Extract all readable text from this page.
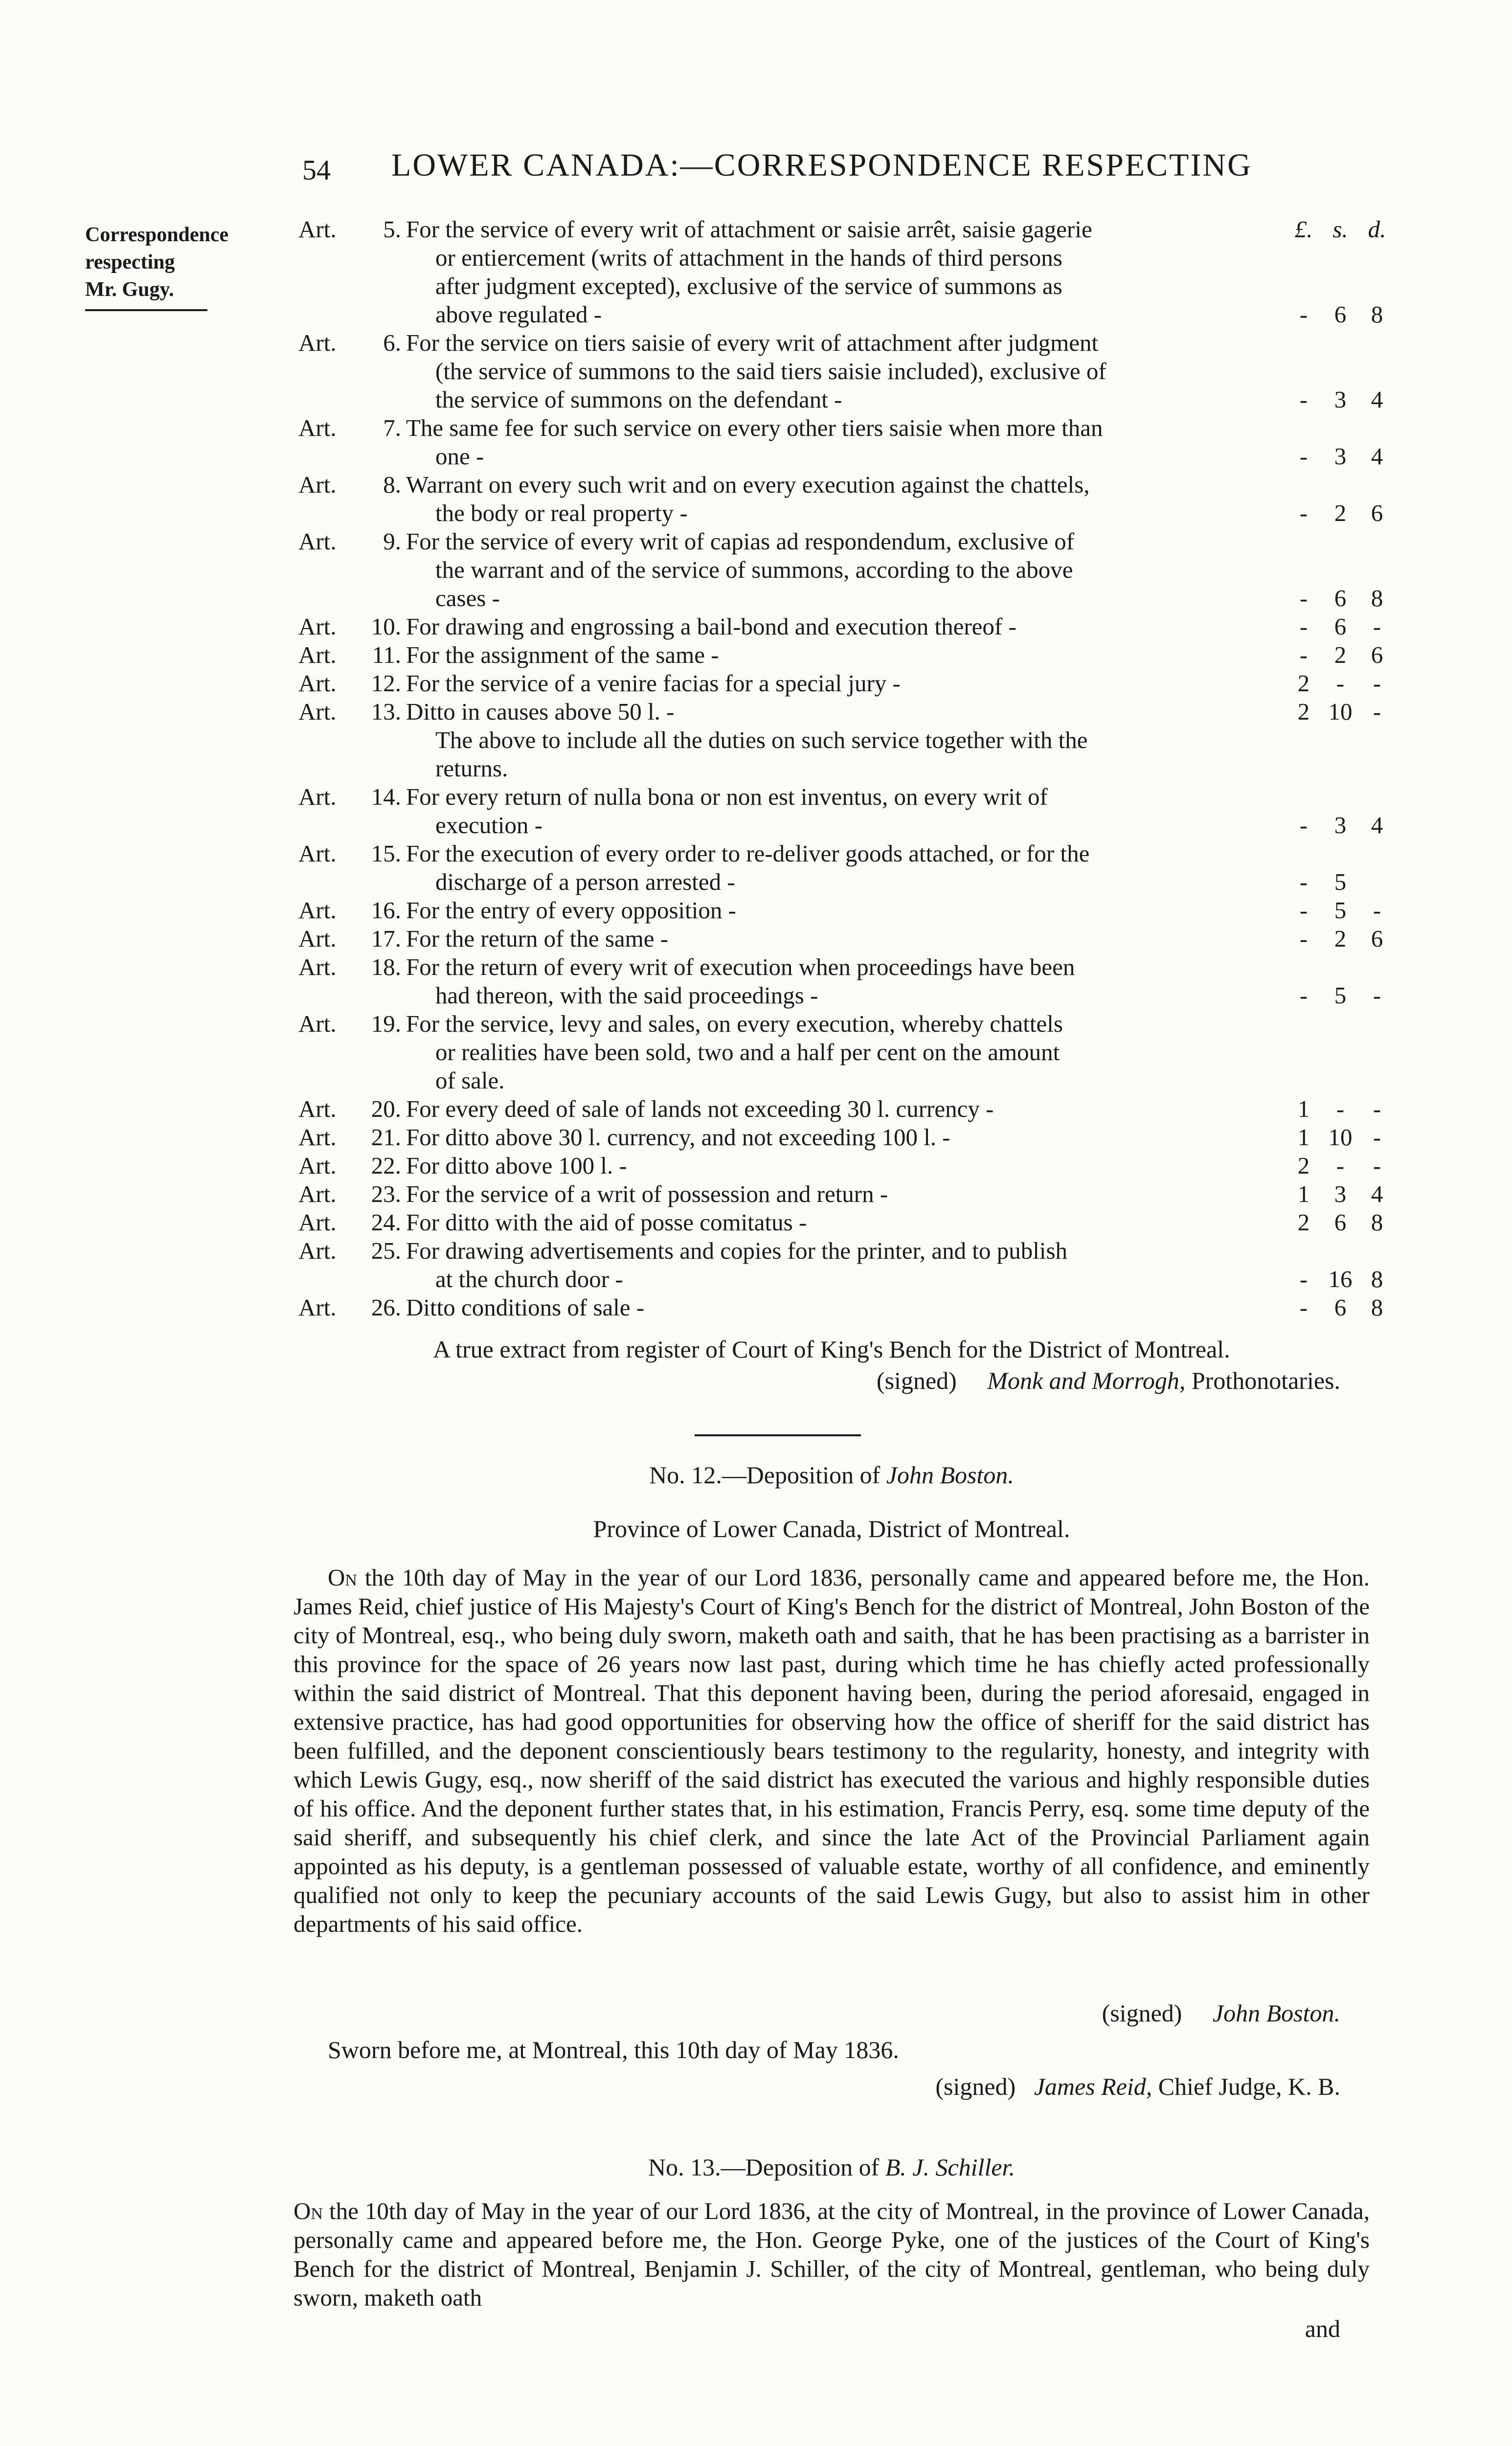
54 LOWER CANADA:—CORRESPONDENCE RESPECTING
Correspondence
respecting
Mr. Gugy.
£. s. d.
Art.	5. For the service of every writ of attachment or saisie arrêt, saisie gagerie
or entiercement (writs of attachment in the hands of third persons
after judgment excepted), exclusive of the service of summons as
above regulated -	-	6	8
Art.	6. For the service on tiers saisie of every writ of attachment after judgment
(the service of summons to the said tiers saisie included), exclusive of
the service of summons on the defendant -	-	3	4
Art.	7. The same fee for such service on every other tiers saisie when more than
one -	-	3	4
Art.	8. Warrant on every such writ and on every execution against the chattels,
the body or real property -	-	2	6
Art.	9. For the service of every writ of capias ad respondendum, exclusive of
the warrant and of the service of summons, according to the above
cases -	-	6	8
Art.	10. For drawing and engrossing a bail-bond and execution thereof -	-	6	-
Art.	11. For the assignment of the same -	-	2	6
Art.	12. For the service of a venire facias for a special jury -	2	-	-
Art.	13. Ditto in causes above 50 l. -	2 10 -
The above to include all the duties on such service together with the
returns.
Art.	14. For every return of nulla bona or non est inventus, on every writ of
execution -	-	3	4
Art.	15. For the execution of every order to re-deliver goods attached, or for the
discharge of a person arrested -	-	5
Art.	16. For the entry of every opposition -	-	5	-
Art.	17. For the return of the same -	-	2	6
Art.	18. For the return of every writ of execution when proceedings have been
had thereon, with the said proceedings -	-	5	-
Art.	19. For the service, levy and sales, on every execution, whereby chattels
or realities have been sold, two and a half per cent on the amount
of sale.
Art.	20. For every deed of sale of lands not exceeding 30 l. currency -	1	-	-
Art.	21. For ditto above 30 l. currency, and not exceeding 100 l. -	1 10 -
Art.	22. For ditto above 100 l. -	2	-	-
Art.	23. For the service of a writ of possession and return -	1	3	4
Art.	24. For ditto with the aid of posse comitatus -	2	6	8
Art.	25. For drawing advertisements and copies for the printer, and to publish
at the church door -	- 16 8
Art.	26. Ditto conditions of sale -	-	6	8
A true extract from register of Court of King's Bench for the District of Montreal.
(signed) Monk and Morrogh, Prothonotaries.
No. 12.—Deposition of John Boston.
Province of Lower Canada, District of Montreal.
On the 10th day of May in the year of our Lord 1836, personally came and appeared before me, the Hon. James Reid, chief justice of His Majesty's Court of King's Bench for the district of Montreal, John Boston of the city of Montreal, esq., who being duly sworn, maketh oath and saith, that he has been practising as a barrister in this province for the space of 26 years now last past, during which time he has chiefly acted professionally within the said district of Montreal. That this deponent having been, during the period aforesaid, engaged in extensive practice, has had good opportunities for observing how the office of sheriff for the said district has been fulfilled, and the deponent conscientiously bears testimony to the regularity, honesty, and integrity with which Lewis Gugy, esq., now sheriff of the said district has executed the various and highly responsible duties of his office. And the deponent further states that, in his estimation, Francis Perry, esq. some time deputy of the said sheriff, and subsequently his chief clerk, and since the late Act of the Provincial Parliament again appointed as his deputy, is a gentleman possessed of valuable estate, worthy of all confidence, and eminently qualified not only to keep the pecuniary accounts of the said Lewis Gugy, but also to assist him in other departments of his said office.
(signed) John Boston.
Sworn before me, at Montreal, this 10th day of May 1836.
(signed) James Reid, Chief Judge, K. B.
No. 13.—Deposition of B. J. Schiller.
On the 10th day of May in the year of our Lord 1836, at the city of Montreal, in the province of Lower Canada, personally came and appeared before me, the Hon. George Pyke, one of the justices of the Court of King's Bench for the district of Montreal, Benjamin J. Schiller, of the city of Montreal, gentleman, who being duly sworn, maketh oath
and
